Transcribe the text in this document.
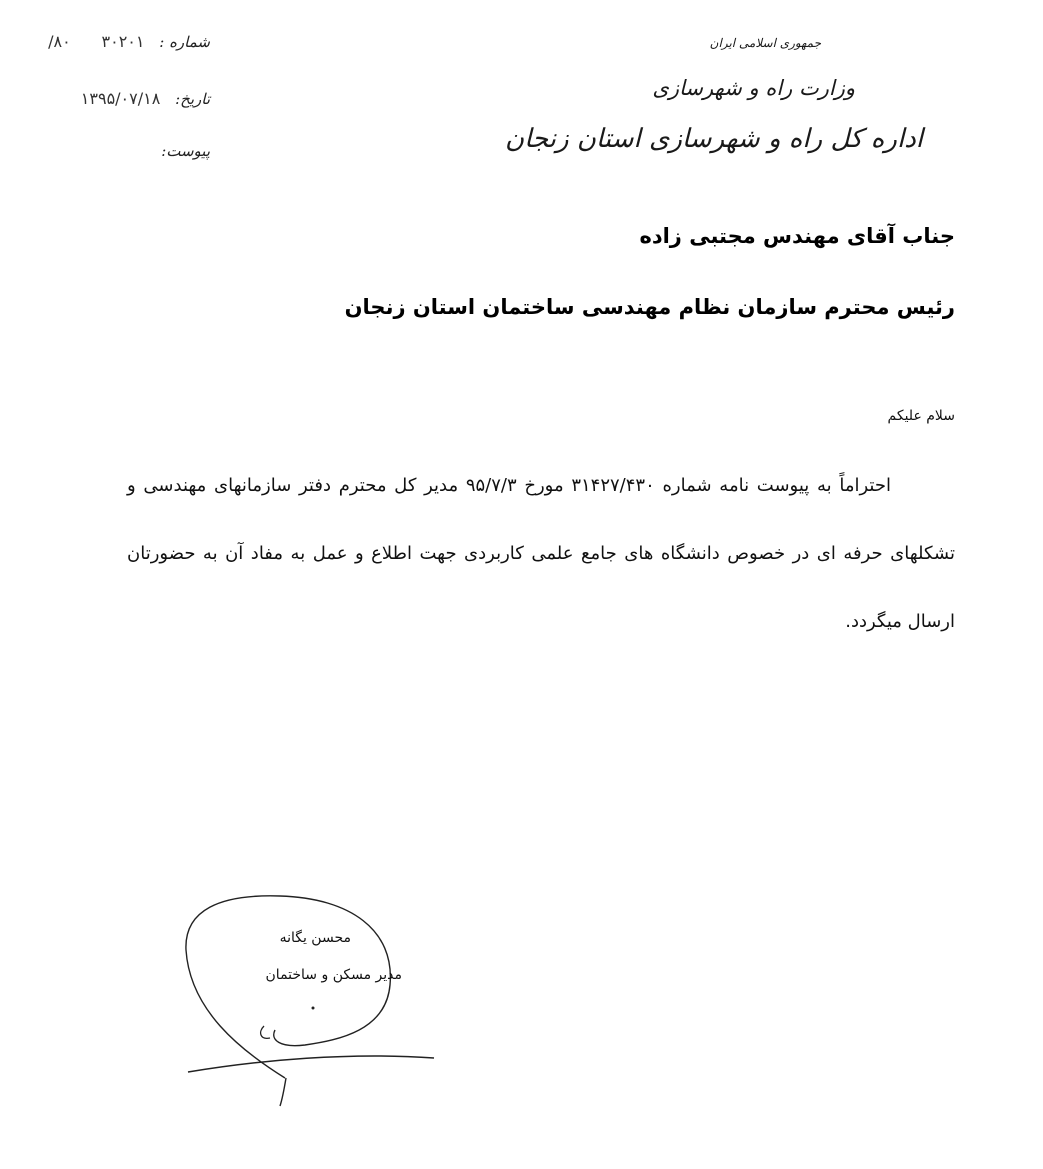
شماره : ۳۰۲۰۱ ۸۰/
تاریخ: ۱۳۹۵/۰۷/۱۸
پیوست:
جمهوری اسلامی ایران
وزارت راه و شهرسازی
اداره کل راه و شهرسازی استان زنجان
جناب آقای مهندس مجتبی زاده
رئیس محترم سازمان نظام مهندسی ساختمان استان زنجان
سلام علیکم
احتراماً به پیوست نامه شماره ۳۱۴۲۷/۴۳۰ مورخ ۹۵/۷/۳ مدیر کل محترم دفتر سازمانهای مهندسی و تشکلهای حرفه ای در خصوص دانشگاه های جامع علمی کاربردی جهت اطلاع و عمل به مفاد آن به حضورتان ارسال میگردد.
محسن یگانه
مدیر مسکن و ساختمان
